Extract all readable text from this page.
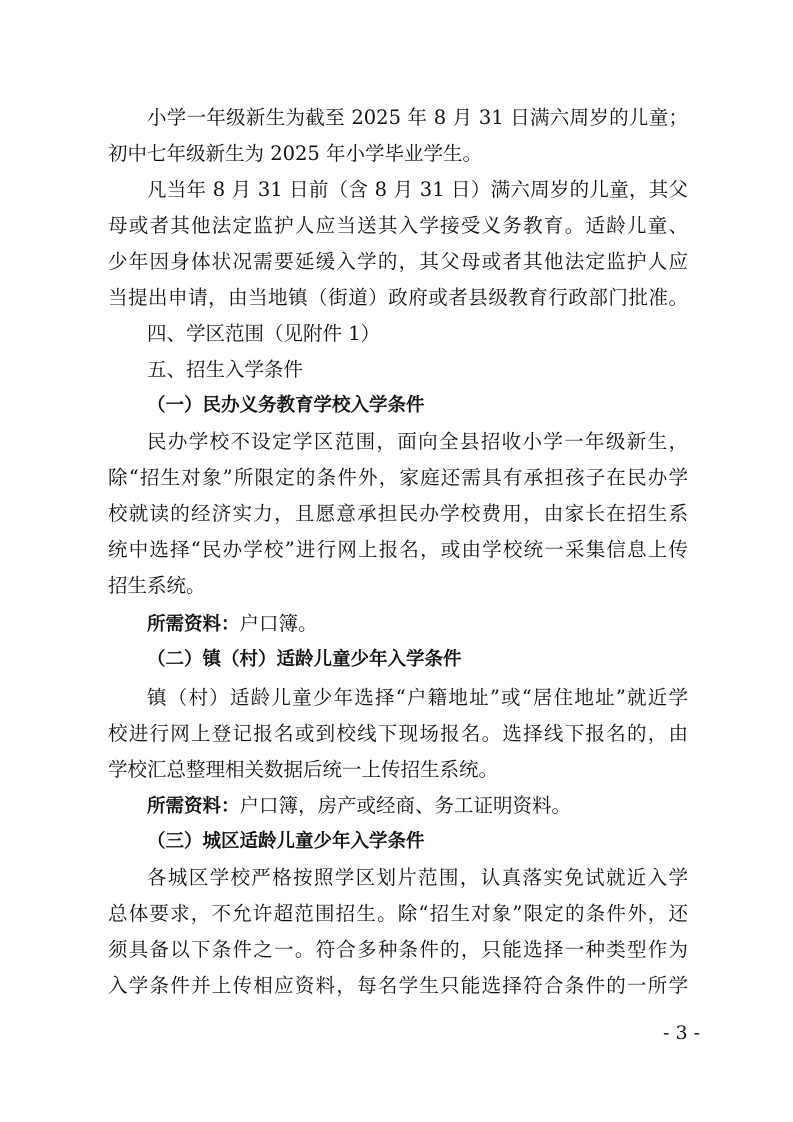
小学一年级新生为截至 2025 年 8 月 31 日满六周岁的儿童；
初中七年级新生为 2025 年小学毕业学生。
凡当年 8 月 31 日前（含 8 月 31 日）满六周岁的儿童，其父
母或者其他法定监护人应当送其入学接受义务教育。适龄儿童、
少年因身体状况需要延缓入学的，其父母或者其他法定监护人应
当提出申请，由当地镇（街道）政府或者县级教育行政部门批准。
四、学区范围（见附件 1）
五、招生入学条件
（一）民办义务教育学校入学条件
民办学校不设定学区范围，面向全县招收小学一年级新生，
除“招生对象”所限定的条件外，家庭还需具有承担孩子在民办学
校就读的经济实力，且愿意承担民办学校费用，由家长在招生系
统中选择“民办学校”进行网上报名，或由学校统一采集信息上传
招生系统。
所需资料：户口簿。
（二）镇（村）适龄儿童少年入学条件
镇（村）适龄儿童少年选择“户籍地址”或“居住地址”就近学
校进行网上登记报名或到校线下现场报名。选择线下报名的，由
学校汇总整理相关数据后统一上传招生系统。
所需资料：户口簿，房产或经商、务工证明资料。
（三）城区适龄儿童少年入学条件
各城区学校严格按照学区划片范围，认真落实免试就近入学
总体要求，不允许超范围招生。除“招生对象”限定的条件外，还
须具备以下条件之一。符合多种条件的，只能选择一种类型作为
入学条件并上传相应资料，每名学生只能选择符合条件的一所学
- 3 -
